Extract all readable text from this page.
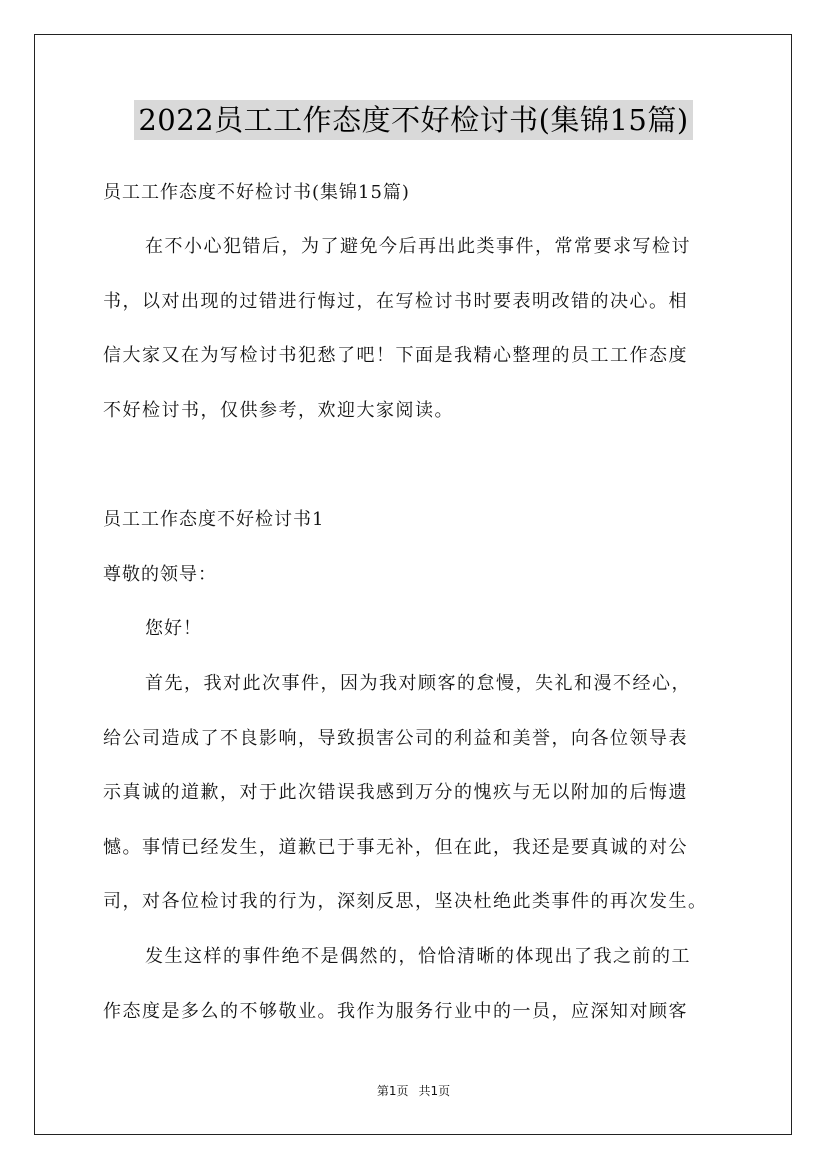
2022员工工作态度不好检讨书(集锦15篇)
员工工作态度不好检讨书(集锦15篇)
在不小心犯错后，为了避免今后再出此类事件，常常要求写检讨
书，以对出现的过错进行悔过，在写检讨书时要表明改错的决心。相
信大家又在为写检讨书犯愁了吧！下面是我精心整理的员工工作态度
不好检讨书，仅供参考，欢迎大家阅读。
员工工作态度不好检讨书1
尊敬的领导：
您好！
首先，我对此次事件，因为我对顾客的怠慢，失礼和漫不经心，
给公司造成了不良影响，导致损害公司的利益和美誉，向各位领导表
示真诚的道歉，对于此次错误我感到万分的愧疚与无以附加的后悔遗
憾。事情已经发生，道歉已于事无补，但在此，我还是要真诚的对公
司，对各位检讨我的行为，深刻反思，坚决杜绝此类事件的再次发生。
发生这样的事件绝不是偶然的，恰恰清晰的体现出了我之前的工
作态度是多么的不够敬业。我作为服务行业中的一员，应深知对顾客
第1页 共1页
